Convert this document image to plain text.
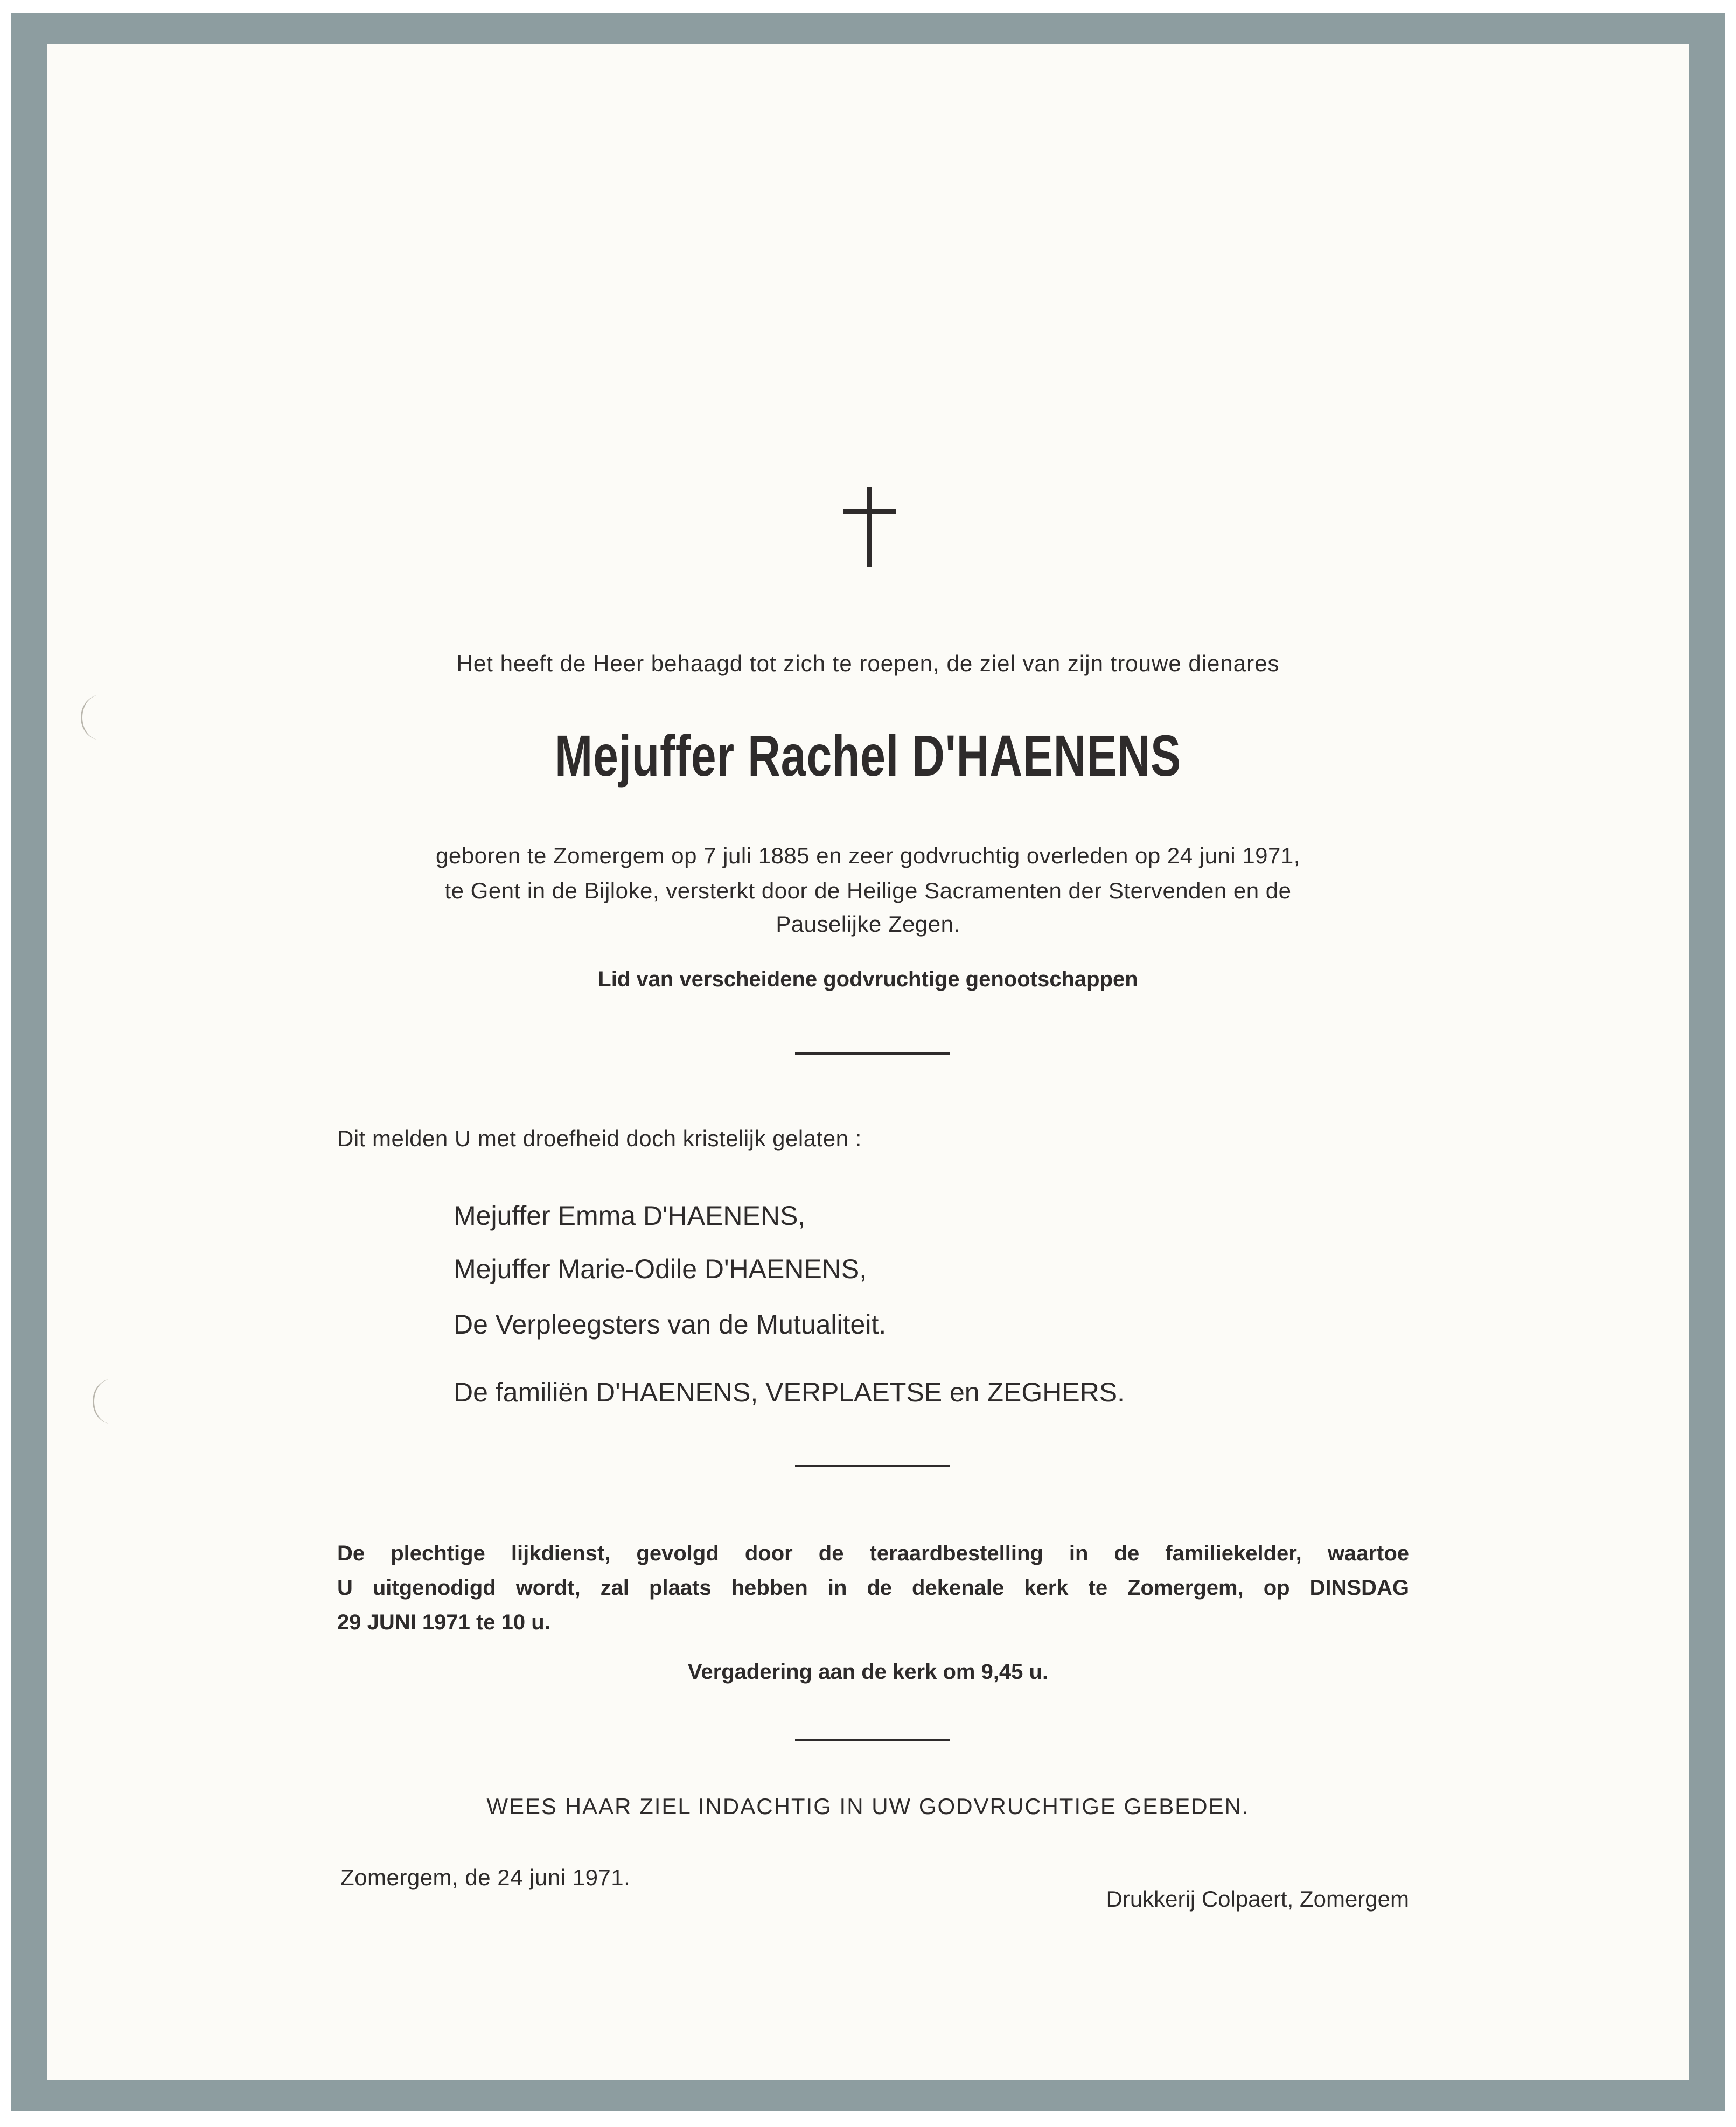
Het heeft de Heer behaagd tot zich te roepen, de ziel van zijn trouwe dienares
Mejuffer Rachel D'HAENENS
geboren te Zomergem op 7 juli 1885 en zeer godvruchtig overleden op 24 juni 1971,
te Gent in de Bijloke, versterkt door de Heilige Sacramenten der Stervenden en de
Pauselijke Zegen.
Lid van verscheidene godvruchtige genootschappen
Dit melden U met droefheid doch kristelijk gelaten :
Mejuffer Emma D'HAENENS,
Mejuffer Marie-Odile D'HAENENS,
De Verpleegsters van de Mutualiteit.
De familiën D'HAENENS, VERPLAETSE en ZEGHERS.
De plechtige lijkdienst, gevolgd door de teraardbestelling in de familiekelder, waartoe
U uitgenodigd wordt, zal plaats hebben in de dekenale kerk te Zomergem, op DINSDAG
29 JUNI 1971 te 10 u.
Vergadering aan de kerk om 9,45 u.
WEES HAAR ZIEL INDACHTIG IN UW GODVRUCHTIGE GEBEDEN.
Zomergem, de 24 juni 1971.
Drukkerij Colpaert, Zomergem
